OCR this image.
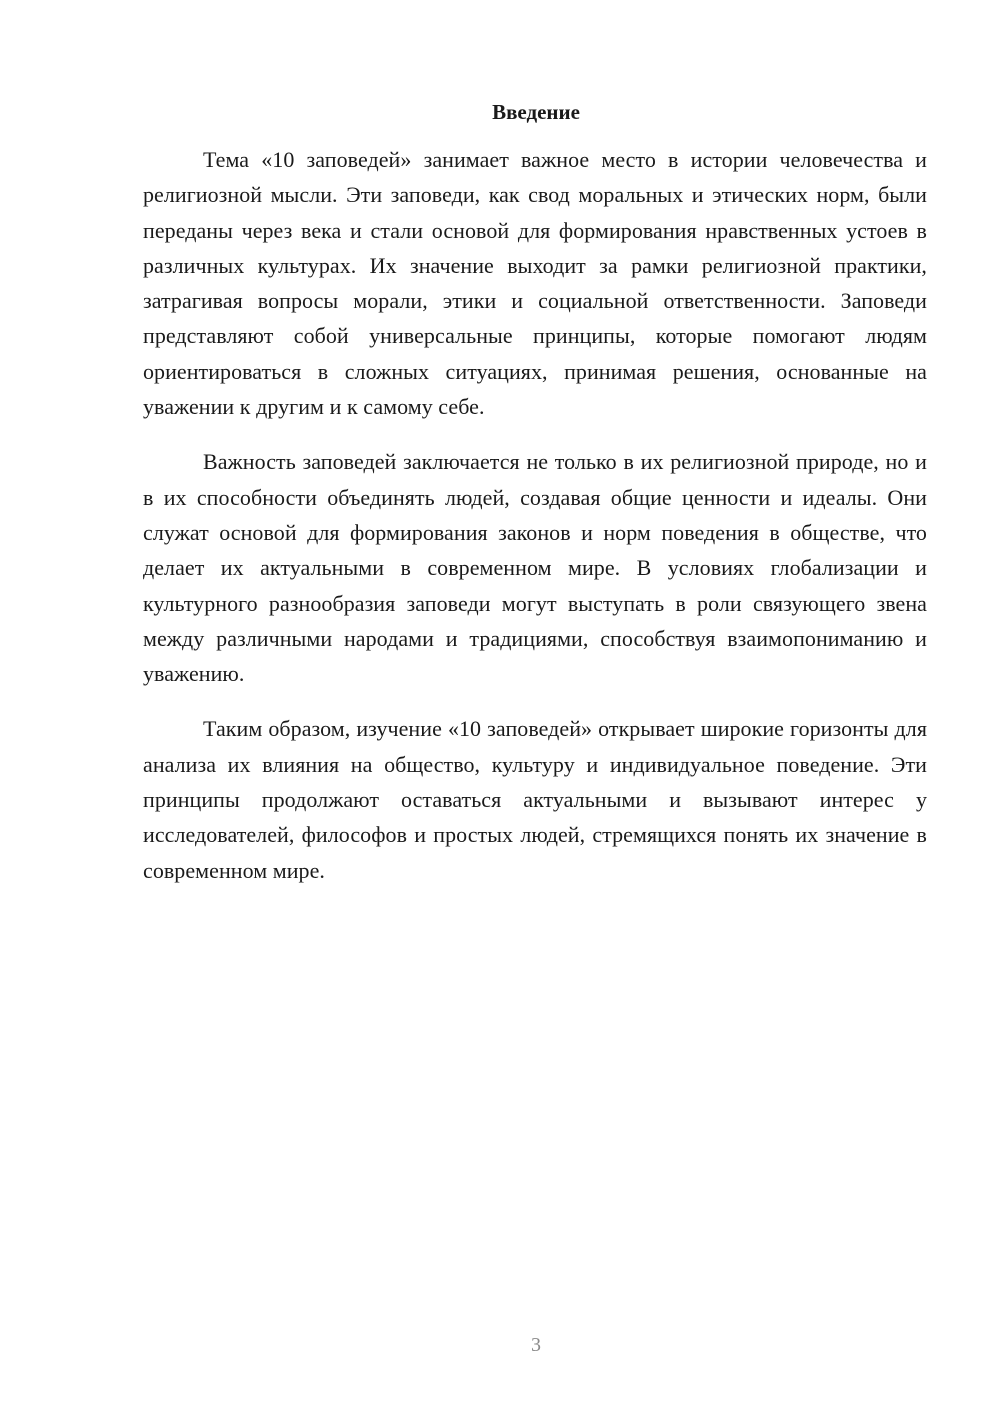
Введение

Тема «10 заповедей» занимает важное место в истории человечества и религиозной мысли. Эти заповеди, как свод моральных и этических норм, были переданы через века и стали основой для формирования нравственных устоев в различных культурах. Их значение выходит за рамки религиозной практики, затрагивая вопросы морали, этики и социальной ответственности. Заповеди представляют собой универсальные принципы, которые помогают людям ориентироваться в сложных ситуациях, принимая решения, основанные на уважении к другим и к самому себе.

Важность заповедей заключается не только в их религиозной природе, но и в их способности объединять людей, создавая общие ценности и идеалы. Они служат основой для формирования законов и норм поведения в обществе, что делает их актуальными в современном мире. В условиях глобализации и культурного разнообразия заповеди могут выступать в роли связующего звена между различными народами и традициями, способствуя взаимопониманию и уважению.

Таким образом, изучение «10 заповедей» открывает широкие горизонты для анализа их влияния на общество, культуру и индивидуальное поведение. Эти принципы продолжают оставаться актуальными и вызывают интерес у исследователей, философов и простых людей, стремящихся понять их значение в современном мире.

3
